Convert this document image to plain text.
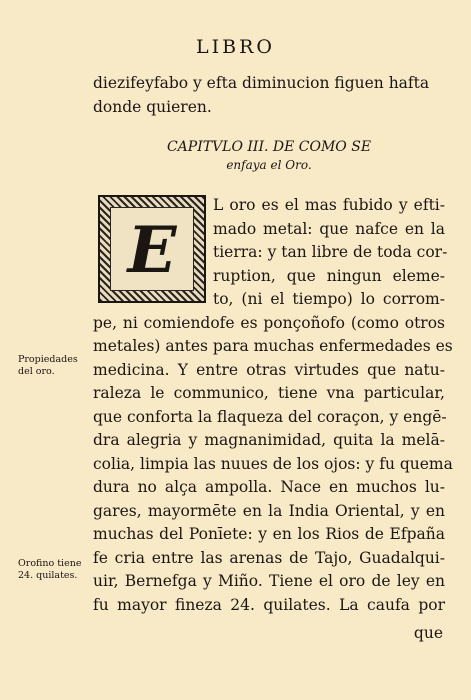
LIBRO
diezifeyfabo y efta diminucion figuen hafta
donde quieren.
CAPITVLO III. DE COMO SE
enfaya el Oro.
E
L oro es el mas fubido y efti-
mado metal: que nafce en la
tierra: y tan libre de toda cor-
ruption, que ningun eleme-
to, (ni el tiempo) lo corrom-
pe, ni comiendofe es ponçoñofo (como otros
metales) antes para muchas enfermedades es
medicina. Y entre otras virtudes que natu-
raleza le communico, tiene vna particular,
que conforta la flaqueza del coraçon, y engē-
dra alegria y magnanimidad, quita la melā-
colia, limpia las nuues de los ojos: y fu quema
dura no alça ampolla. Nace en muchos lu-
gares, mayormēte en la India Oriental, y en
muchas del Ponīete: y en los Rios de Efpaña
fe cria entre las arenas de Tajo, Guadalqui-
uir, Bernefga y Miño. Tiene el oro de ley en
fu mayor fineza 24. quilates. La caufa por
Propiedades del oro.
Orofino tiene 24. quilates.
que
